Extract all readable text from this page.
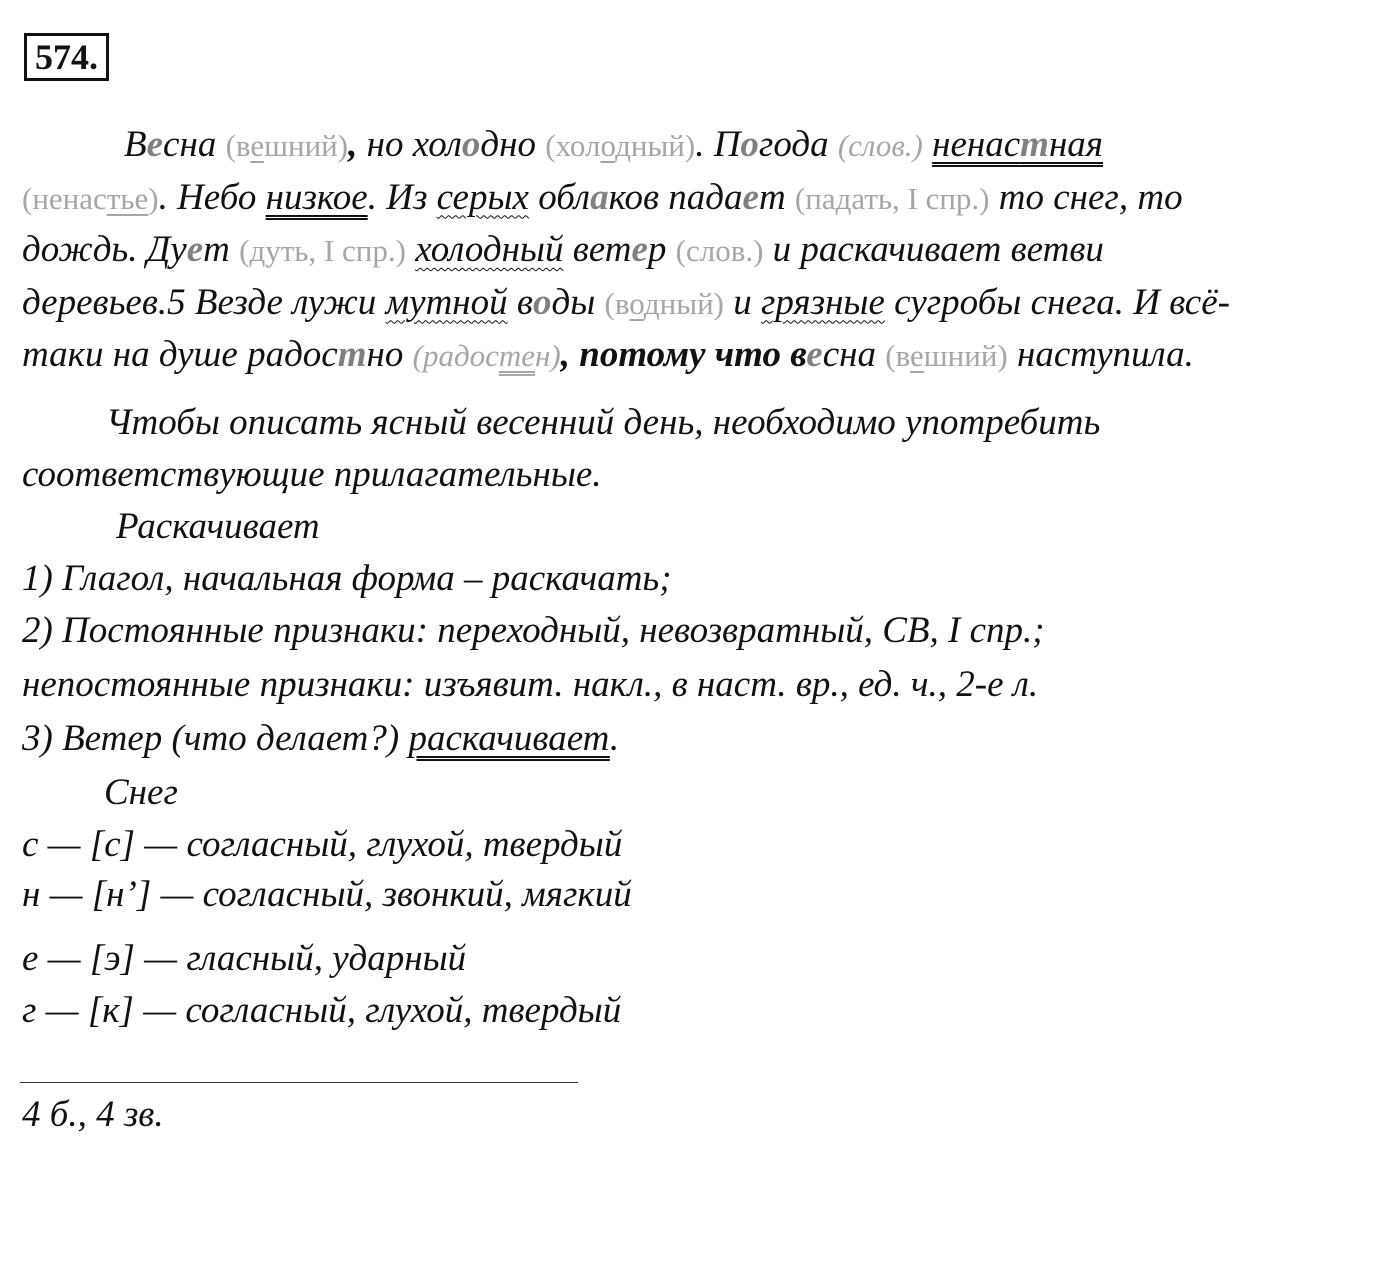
574.
Весна (вешний), но холодно (холодный). Погода (слов.) ненастная
(ненастье). Небо низкое. Из серых облаков падает (падать, I спр.) то снег, то
дождь. Дует (дуть, I спр.) холодный ветер (слов.) и раскачивает ветви
деревьев.5 Везде лужи мутной воды (водный) и грязные сугробы снега. И всё-
таки на душе радостно (радостен), потому что весна (вешний) наступила.
Чтобы описать ясный весенний день, необходимо употребить
соответствующие прилагательные.
Раскачивает
1) Глагол, начальная форма – раскачать;
2) Постоянные признаки: переходный, невозвратный, СВ, I спр.;
непостоянные признаки: изъявит. накл., в наст. вр., ед. ч., 2-е л.
3) Ветер (что делает?) раскачивает.
Снег
с — [с] — согласный, глухой, твердый
н — [н’] — согласный, звонкий, мягкий
е — [э] — гласный, ударный
г — [к] — согласный, глухой, твердый
4 б., 4 зв.
